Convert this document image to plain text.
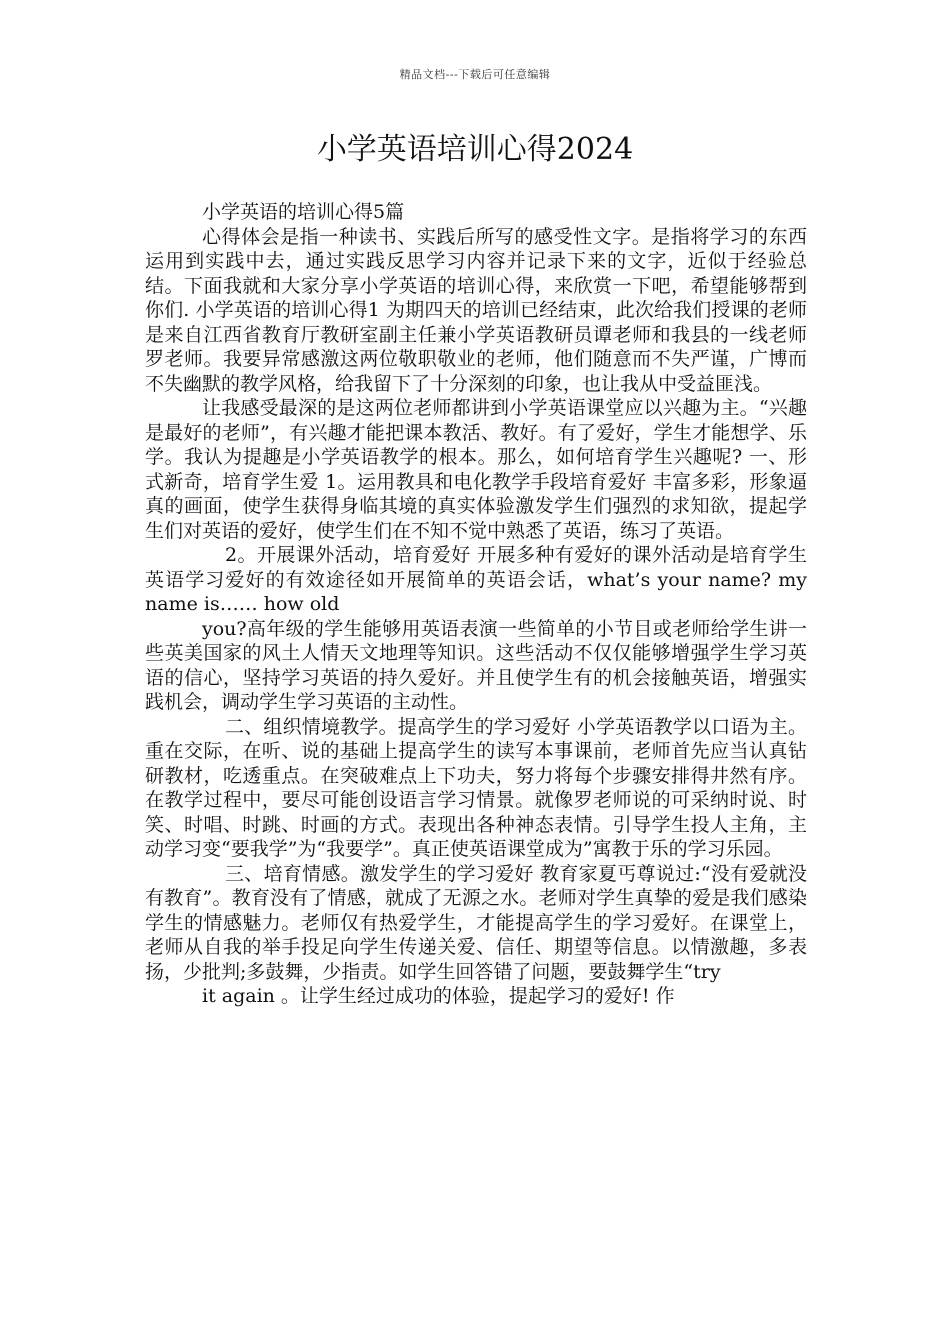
精品文档---下载后可任意编辑
小学英语培训心得2024

小学英语的培训心得5篇

心得体会是指一种读书、实践后所写的感受性文字。是指将学习的东西运用到实践中去，通过实践反思学习内容并记录下来的文字，近似于经验总结。下面我就和大家分享小学英语的培训心得，来欣赏一下吧，希望能够帮到你们. 小学英语的培训心得1 为期四天的培训已经结束，此次给我们授课的老师是来自江西省教育厅教研室副主任兼小学英语教研员谭老师和我县的一线老师罗老师。我要异常感激这两位敬职敬业的老师，他们随意而不失严谨，广博而不失幽默的教学风格，给我留下了十分深刻的印象，也让我从中受益匪浅。

让我感受最深的是这两位老师都讲到小学英语课堂应以兴趣为主。“兴趣是最好的老师”，有兴趣才能把课本教活、教好。有了爱好，学生才能想学、乐学。我认为提趣是小学英语教学的根本。那么，如何培育学生兴趣呢? 一、形式新奇，培育学生爱 1。运用教具和电化教学手段培育爱好 丰富多彩，形象逼真的画面，使学生获得身临其境的真实体验激发学生们强烈的求知欲，提起学生们对英语的爱好，使学生们在不知不觉中熟悉了英语，练习了英语。

2。开展课外活动，培育爱好 开展多种有爱好的课外活动是培育学生英语学习爱好的有效途径如开展简单的英语会话，what’s your name? my name is…… how old

you?高年级的学生能够用英语表演一些简单的小节目或老师给学生讲一些英美国家的风土人情天文地理等知识。这些活动不仅仅能够增强学生学习英语的信心，坚持学习英语的持久爱好。并且使学生有的机会接触英语，增强实践机会，调动学生学习英语的主动性。

二、组织情境教学。提高学生的学习爱好 小学英语教学以口语为主。重在交际，在听、说的基础上提高学生的读写本事课前，老师首先应当认真钻研教材，吃透重点。在突破难点上下功夫，努力将每个步骤安排得井然有序。在教学过程中，要尽可能创设语言学习情景。就像罗老师说的可采纳时说、时笑、时唱、时跳、时画的方式。表现出各种神态表情。引导学生投人主角，主动学习变“要我学”为“我要学”。真正使英语课堂成为”寓教于乐的学习乐园。

三、培育情感。激发学生的学习爱好 教育家夏丐尊说过:“没有爱就没有教育”。教育没有了情感，就成了无源之水。老师对学生真挚的爱是我们感染学生的情感魅力。老师仅有热爱学生，才能提高学生的学习爱好。在课堂上，老师从自我的举手投足向学生传递关爱、信任、期望等信息。以情激趣，多表扬，少批判;多鼓舞，少指责。如学生回答错了问题，要鼓舞学生“try

it again 。让学生经过成功的体验，提起学习的爱好! 作
